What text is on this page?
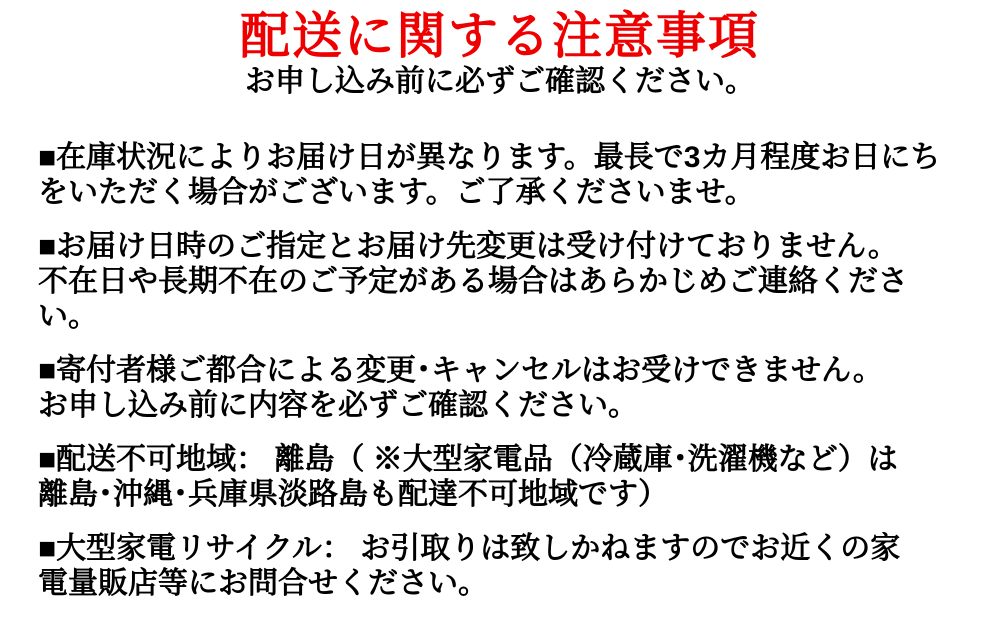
配送に関する注意事項

お申し込み前に必ずご確認ください。

■在庫状況によりお届け日が異なります。最長で3カ月程度お日にち
をいただく場合がございます。ご了承くださいませ。
■お届け日時のご指定とお届け先変更は受け付けておりません。
不在日や長期不在のご予定がある場合はあらかじめご連絡くださ
い。
■寄付者様ご都合による変更･キャンセルはお受けできません。
お申し込み前に内容を必ずご確認ください。
■配送不可地域： 離島（ ※大型家電品（冷蔵庫･洗濯機など）は
離島･沖縄･兵庫県淡路島も配達不可地域です）
■大型家電リサイクル： お引取りは致しかねますのでお近くの家
電量販店等にお問合せください。
